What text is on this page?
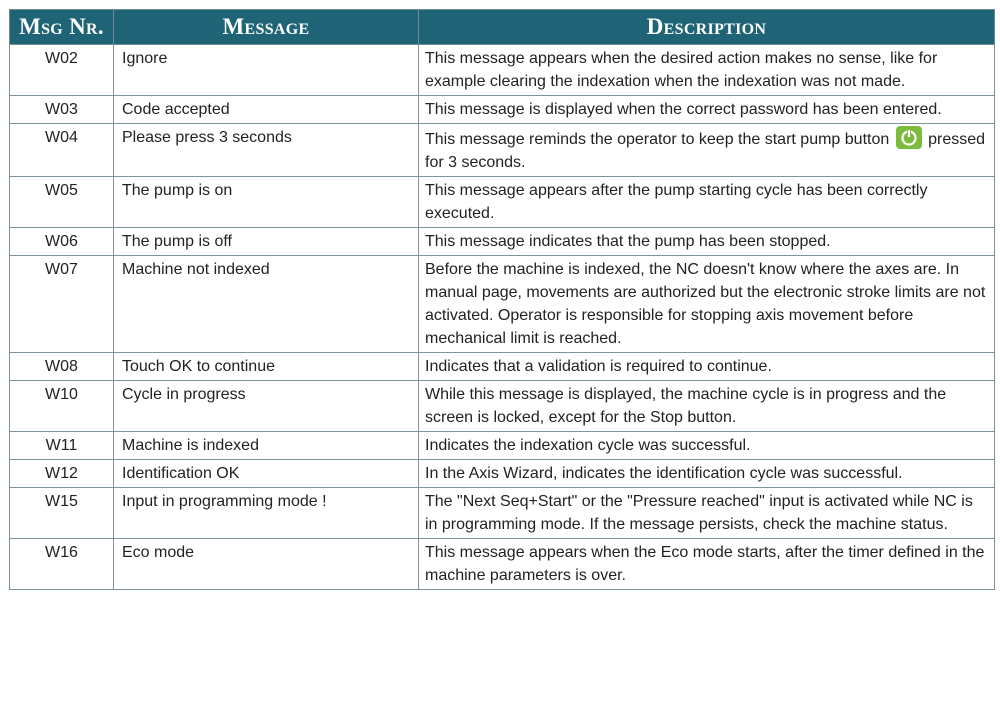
Msg Nr.	Message	Description
W02	Ignore	This message appears when the desired action makes no sense, like for example clearing the indexation when the indexation was not made.
W03	Code accepted	This message is displayed when the correct password has been entered.
W04	Please press 3 seconds	This message reminds the operator to keep the start pump button pressed for 3 seconds.
W05	The pump is on	This message appears after the pump starting cycle has been correctly executed.
W06	The pump is off	This message indicates that the pump has been stopped.
W07	Machine not indexed	Before the machine is indexed, the NC doesn't know where the axes are. In manual page, movements are authorized but the electronic stroke limits are not activated. Operator is responsible for stopping axis movement before mechanical limit is reached.
W08	Touch OK to continue	Indicates that a validation is required to continue.
W10	Cycle in progress	While this message is displayed, the machine cycle is in progress and the screen is locked, except for the Stop button.
W11	Machine is indexed	Indicates the indexation cycle was successful.
W12	Identification OK	In the Axis Wizard, indicates the identification cycle was successful.
W15	Input in programming mode !	The "Next Seq+Start" or the "Pressure reached" input is activated while NC is in programming mode. If the message persists, check the machine status.
W16	Eco mode	This message appears when the Eco mode starts, after the timer defined in the machine parameters is over.
